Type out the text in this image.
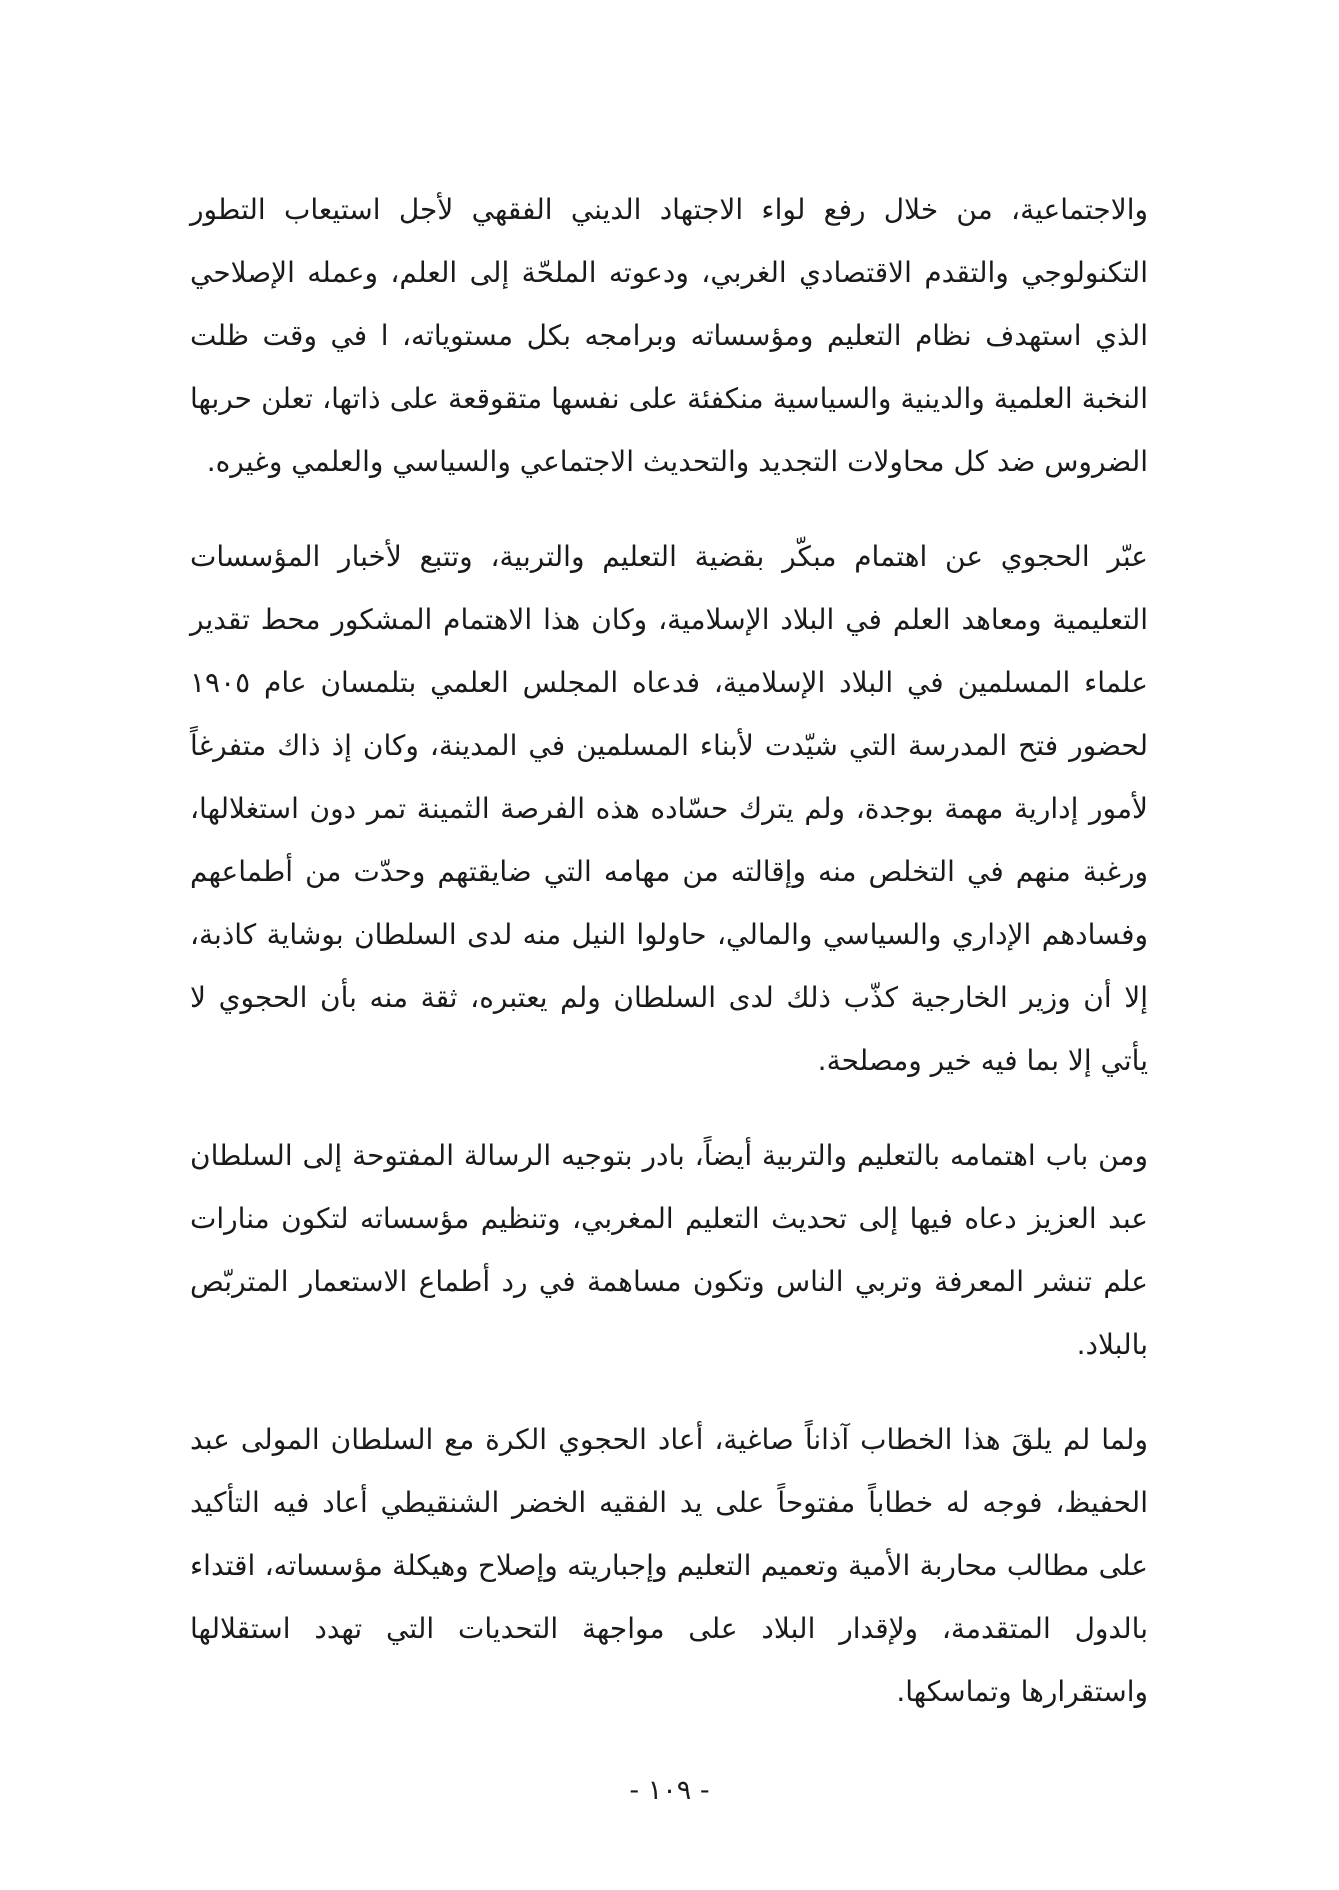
والاجتماعية، من خلال رفع لواء الاجتهاد الديني الفقهي لأجل استيعاب التطور التكنولوجي والتقدم الاقتصادي الغربي، ودعوته الملحّة إلى العلم، وعمله الإصلاحي الذي استهدف نظام التعليم ومؤسساته وبرامجه بكل مستوياته، ا في وقت ظلت النخبة العلمية والدينية والسياسية منكفئة على نفسها متقوقعة على ذاتها، تعلن حربها الضروس ضد كل محاولات التجديد والتحديث الاجتماعي والسياسي والعلمي وغيره.

عبّر الحجوي عن اهتمام مبكّر بقضية التعليم والتربية، وتتبع لأخبار المؤسسات التعليمية ومعاهد العلم في البلاد الإسلامية، وكان هذا الاهتمام المشكور محط تقدير علماء المسلمين في البلاد الإسلامية، فدعاه المجلس العلمي بتلمسان عام ١٩٠٥ لحضور فتح المدرسة التي شيّدت لأبناء المسلمين في المدينة، وكان إذ ذاك متفرغاً لأمور إدارية مهمة بوجدة، ولم يترك حسّاده هذه الفرصة الثمينة تمر دون استغلالها، ورغبة منهم في التخلص منه وإقالته من مهامه التي ضايقتهم وحدّت من أطماعهم وفسادهم الإداري والسياسي والمالي، حاولوا النيل منه لدى السلطان بوشاية كاذبة، إلا أن وزير الخارجية كذّب ذلك لدى السلطان ولم يعتبره، ثقة منه بأن الحجوي لا يأتي إلا بما فيه خير ومصلحة.

ومن باب اهتمامه بالتعليم والتربية أيضاً، بادر بتوجيه الرسالة المفتوحة إلى السلطان عبد العزيز دعاه فيها إلى تحديث التعليم المغربي، وتنظيم مؤسساته لتكون منارات علم تنشر المعرفة وتربي الناس وتكون مساهمة في رد أطماع الاستعمار المتربّص بالبلاد.

ولما لم يلقَ هذا الخطاب آذاناً صاغية، أعاد الحجوي الكرة مع السلطان المولى عبد الحفيظ، فوجه له خطاباً مفتوحاً على يد الفقيه الخضر الشنقيطي أعاد فيه التأكيد على مطالب محاربة الأمية وتعميم التعليم وإجباريته وإصلاح وهيكلة مؤسساته، اقتداء بالدول المتقدمة، ولإقدار البلاد على مواجهة التحديات التي تهدد استقلالها واستقرارها وتماسكها.

- ١٠٩ -
